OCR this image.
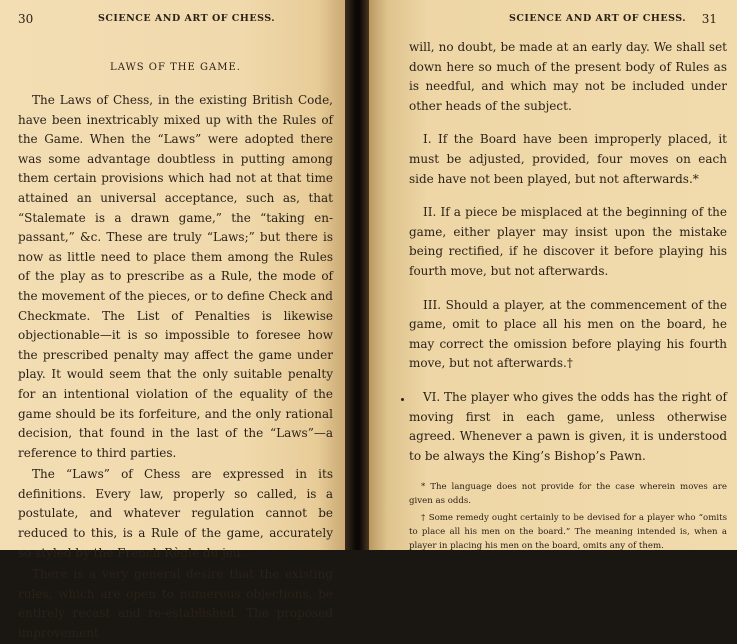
30	SCIENCE AND ART OF CHESS.
LAWS OF THE GAME.

The Laws of Chess, in the existing British Code, have been inextricably mixed up with the Rules of the Game. When the “Laws” were adopted there was some advantage doubtless in putting among them certain provisions which had not at that time attained an universal acceptance, such as, that “Stalemate is a drawn game,” the “taking en-passant,” &c. These are truly “Laws;” but there is now as little need to place them among the Rules of the play as to prescribe as a Rule, the mode of the movement of the pieces, or to define Check and Checkmate. The List of Penalties is likewise objectionable—it is so impossible to foresee how the prescribed penalty may affect the game under play. It would seem that the only suitable penalty for an intentional violation of the equality of the game should be its forfeiture, and the only rational decision, that found in the last of the “Laws”—a reference to third parties.

The “Laws” of Chess are expressed in its definitions. Every law, properly so called, is a postulate, and whatever regulation cannot be reduced to this, is a Rule of the game, accurately so styled by the French Règle du jeu.

There is a very general desire that the existing rules, which are open to numerous objections, be entirely recast and re-established. The proposed improvement

SCIENCE AND ART OF CHESS. 31

will, no doubt, be made at an early day. We shall set down here so much of the present body of Rules as is needful, and which may not be included under other heads of the subject.

I. If the Board have been improperly placed, it must be adjusted, provided, four moves on each side have not been played, but not afterwards.*

II. If a piece be misplaced at the beginning of the game, either player may insist upon the mistake being rectified, if he discover it before playing his fourth move, but not afterwards.

III. Should a player, at the commencement of the game, omit to place all his men on the board, he may correct the omission before playing his fourth move, but not afterwards.†

VI. The player who gives the odds has the right of moving first in each game, unless otherwise agreed. Whenever a pawn is given, it is understood to be always the King’s Bishop’s Pawn.

* The language does not provide for the case wherein moves are given as odds.

† Some remedy ought certainly to be devised for a player who “omits to place all his men on the board.” The meaning intended is, when a player in placing his men on the board, omits any of them.
